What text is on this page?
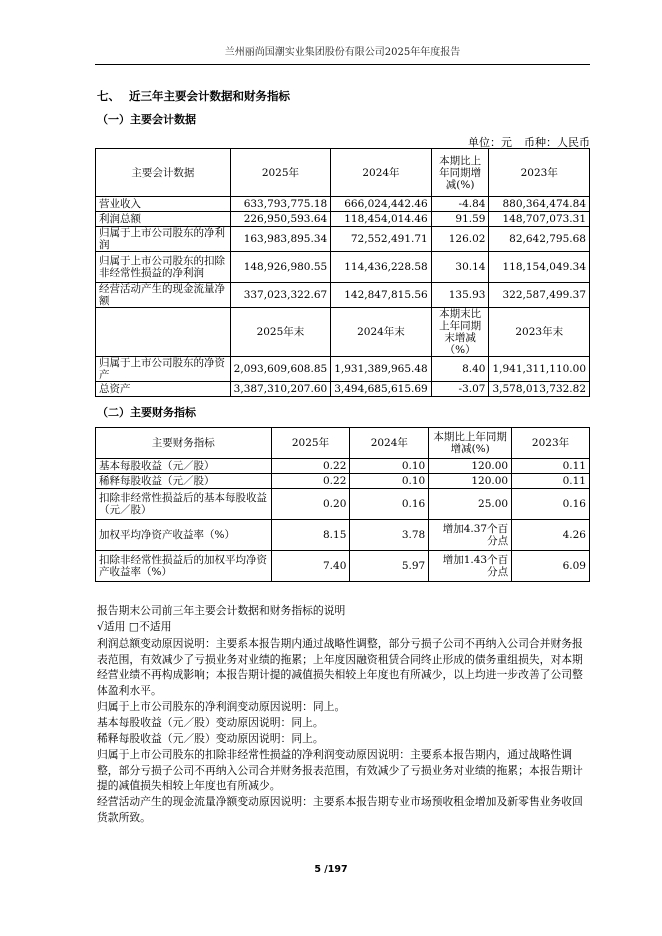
兰州丽尚国潮实业集团股份有限公司2025年年度报告
七、 近三年主要会计数据和财务指标
（一）主要会计数据
单位：元 币种：人民币
主要会计数据	2025年	2024年	本期比上年同期增减(%)	2023年
营业收入	633,793,775.18	666,024,442.46	-4.84	880,364,474.84
利润总额	226,950,593.64	118,454,014.46	91.59	148,707,073.31
归属于上市公司股东的净利润	163,983,895.34	72,552,491.71	126.02	82,642,795.68
归属于上市公司股东的扣除非经常性损益的净利润	148,926,980.55	114,436,228.58	30.14	118,154,049.34
经营活动产生的现金流量净额	337,023,322.67	142,847,815.56	135.93	322,587,499.37
	2025年末	2024年末	本期末比上年同期末增减（%）	2023年末
归属于上市公司股东的净资产	2,093,609,608.85	1,931,389,965.48	8.40	1,941,311,110.00
总资产	3,387,310,207.60	3,494,685,615.69	-3.07	3,578,013,732.82
（二）主要财务指标
主要财务指标	2025年	2024年	本期比上年同期增减(%)	2023年
基本每股收益（元／股）	0.22	0.10	120.00	0.11
稀释每股收益（元／股）	0.22	0.10	120.00	0.11
扣除非经常性损益后的基本每股收益（元／股）	0.20	0.16	25.00	0.16
加权平均净资产收益率（%）	8.15	3.78	增加4.37个百分点	4.26
扣除非经常性损益后的加权平均净资产收益率（%）	7.40	5.97	增加1.43个百分点	6.09
报告期末公司前三年主要会计数据和财务指标的说明
√适用 □不适用
利润总额变动原因说明：主要系本报告期内通过战略性调整，部分亏损子公司不再纳入公司合并财务报表范围，有效减少了亏损业务对业绩的拖累；上年度因融资租赁合同终止形成的债务重组损失，对本期经营业绩不再构成影响；本报告期计提的减值损失相较上年度也有所减少，以上均进一步改善了公司整体盈利水平。
归属于上市公司股东的净利润变动原因说明：同上。
基本每股收益（元／股）变动原因说明：同上。
稀释每股收益（元／股）变动原因说明：同上。
归属于上市公司股东的扣除非经常性损益的净利润变动原因说明：主要系本报告期内，通过战略性调整，部分亏损子公司不再纳入公司合并财务报表范围，有效减少了亏损业务对业绩的拖累；本报告期计提的减值损失相较上年度也有所减少。
经营活动产生的现金流量净额变动原因说明：主要系本报告期专业市场预收租金增加及新零售业务收回货款所致。
5 /197
